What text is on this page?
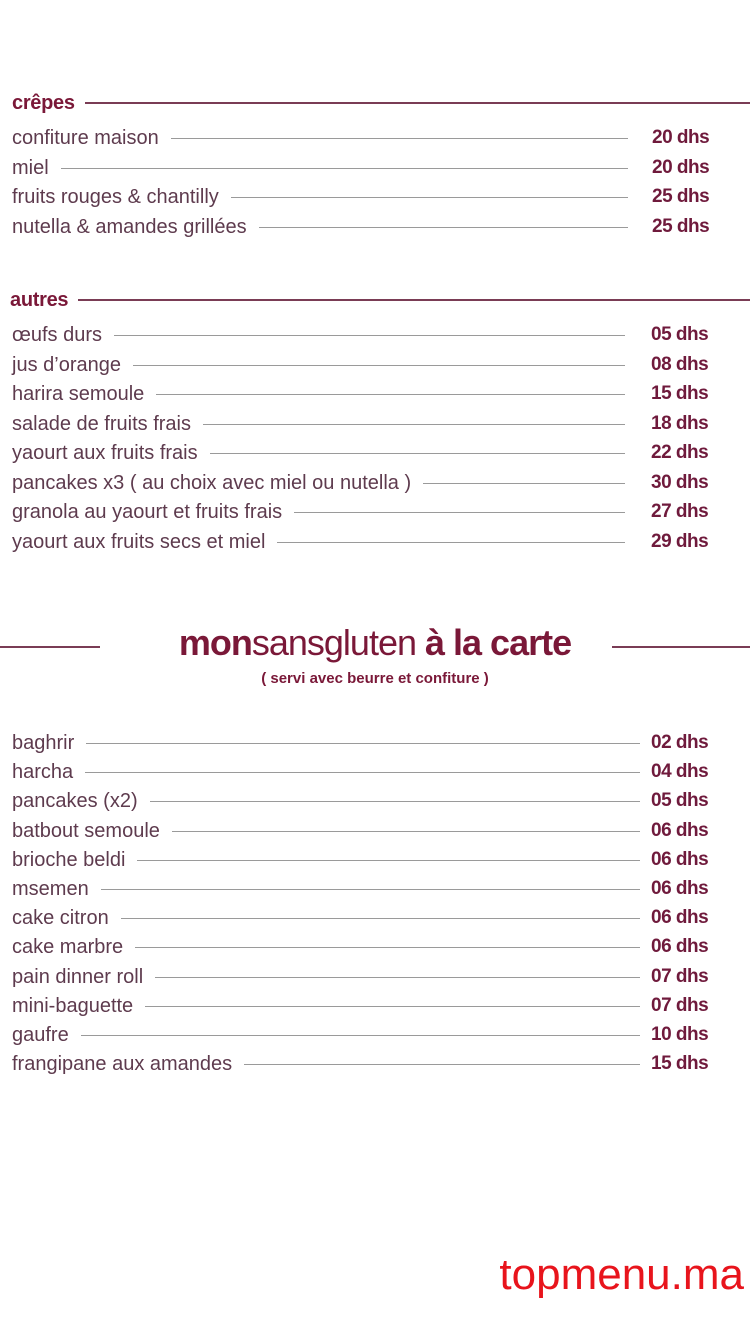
crêpes
confiture maison	20 dhs
miel	20 dhs
fruits rouges & chantilly	25 dhs
nutella & amandes grillées	25 dhs
autres
œufs durs	05 dhs
jus d’orange	08 dhs
harira semoule	15 dhs
salade de fruits frais	18 dhs
yaourt aux fruits frais	22 dhs
pancakes x3 ( au choix avec miel ou nutella )	30 dhs
granola au yaourt et fruits frais	27 dhs
yaourt aux fruits secs et miel	29 dhs
monsansgluten à la carte
( servi avec beurre et confiture )
baghrir	02 dhs
harcha	04 dhs
pancakes (x2)	05 dhs
batbout semoule	06 dhs
brioche beldi	06 dhs
msemen	06 dhs
cake citron	06 dhs
cake marbre	06 dhs
pain dinner roll	07 dhs
mini-baguette	07 dhs
gaufre	10 dhs
frangipane aux amandes	15 dhs
topmenu.ma
